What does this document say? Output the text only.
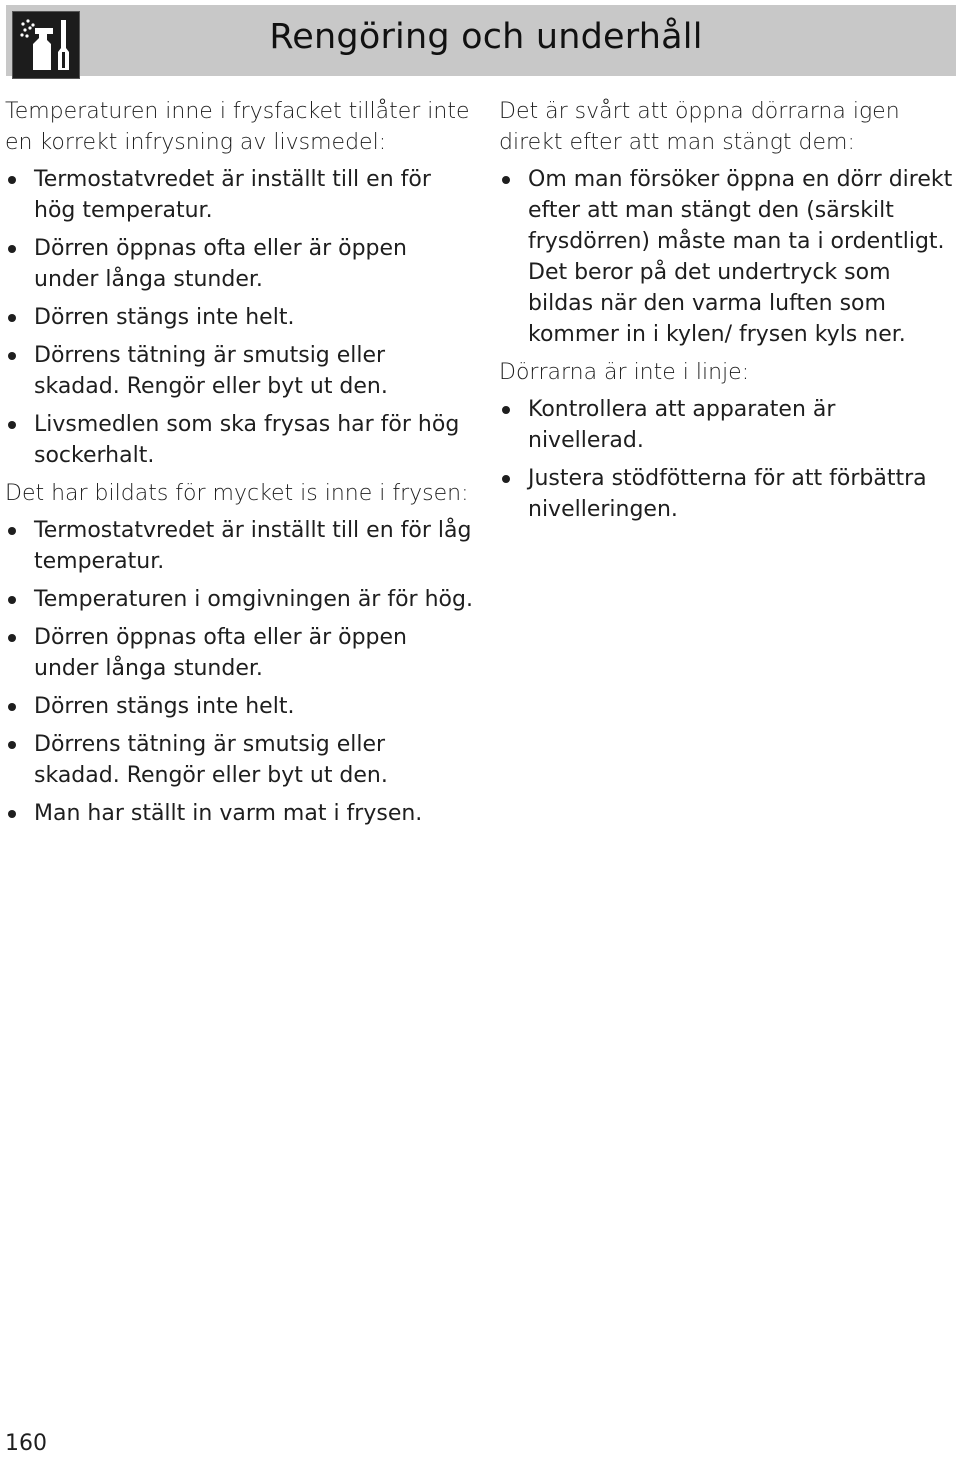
Rengöring och underhåll

Temperaturen inne i frysfacket tillåter inte en korrekt infrysning av livsmedel:

Termostatvredet är inställt till en för hög temperatur.
Dörren öppnas ofta eller är öppen under långa stunder.
Dörren stängs inte helt.
Dörrens tätning är smutsig eller skadad. Rengör eller byt ut den.
Livsmedlen som ska frysas har för hög sockerhalt.

Det har bildats för mycket is inne i frysen:

Termostatvredet är inställt till en för låg temperatur.
Temperaturen i omgivningen är för hög.
Dörren öppnas ofta eller är öppen under långa stunder.
Dörren stängs inte helt.
Dörrens tätning är smutsig eller skadad. Rengör eller byt ut den.
Man har ställt in varm mat i frysen.

Det är svårt att öppna dörrarna igen direkt efter att man stängt dem:

Om man försöker öppna en dörr direkt efter att man stängt den (särskilt frysdörren) måste man ta i ordentligt. Det beror på det undertryck som bildas när den varma luften som kommer in i kylen/ frysen kyls ner.

Dörrarna är inte i linje:

Kontrollera att apparaten är nivellerad.
Justera stödfötterna för att förbättra nivelleringen.
160
